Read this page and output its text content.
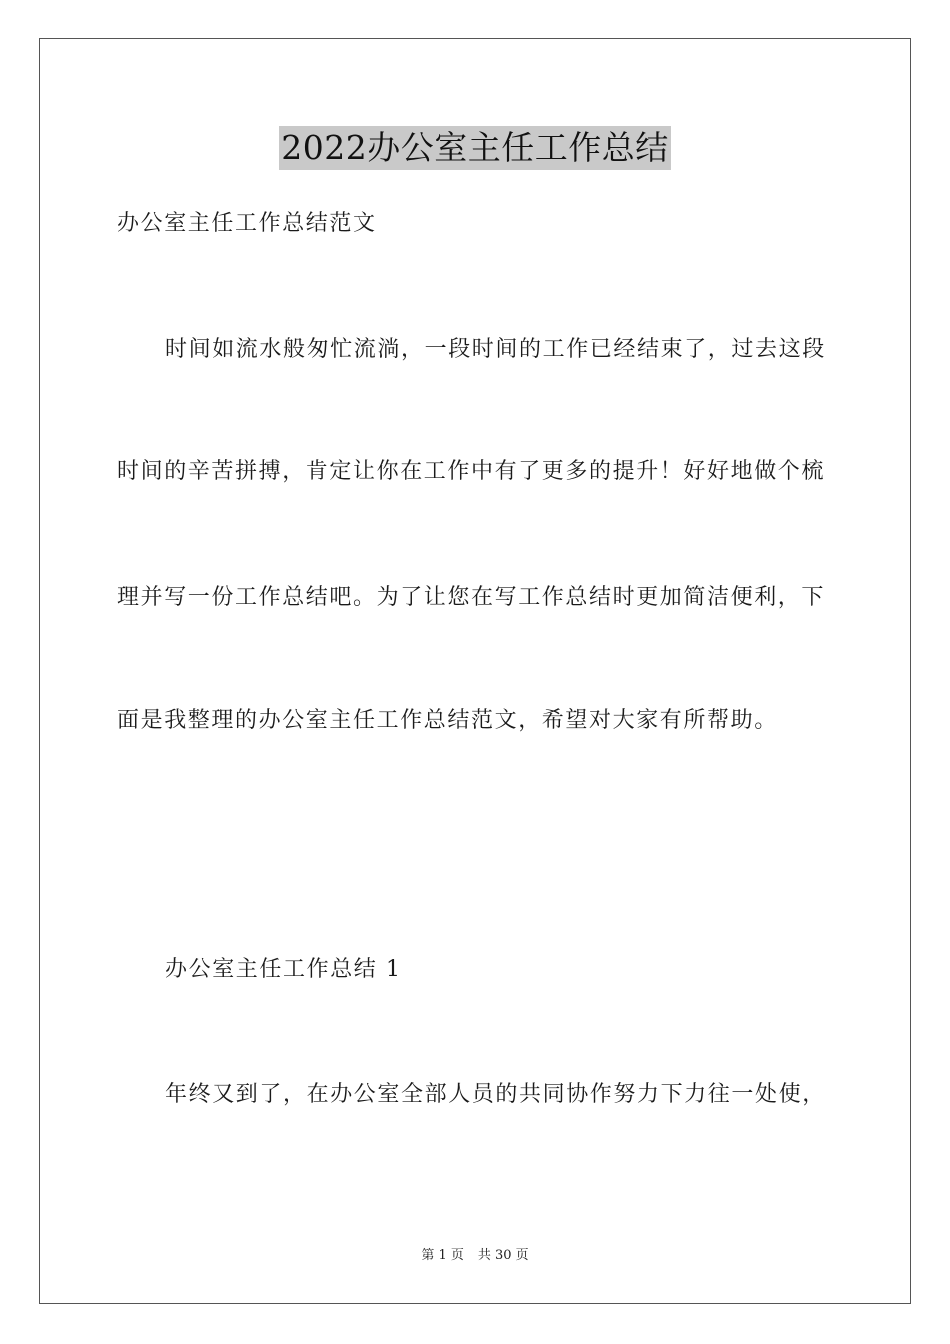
2022办公室主任工作总结
办公室主任工作总结范文
时间如流水般匆忙流淌，一段时间的工作已经结束了，过去这段
时间的辛苦拼搏，肯定让你在工作中有了更多的提升！好好地做个梳
理并写一份工作总结吧。为了让您在写工作总结时更加简洁便利，下
面是我整理的办公室主任工作总结范文，希望对大家有所帮助。
办公室主任工作总结 1
年终又到了，在办公室全部人员的共同协作努力下力往一处使，
第 1 页 共 30 页
